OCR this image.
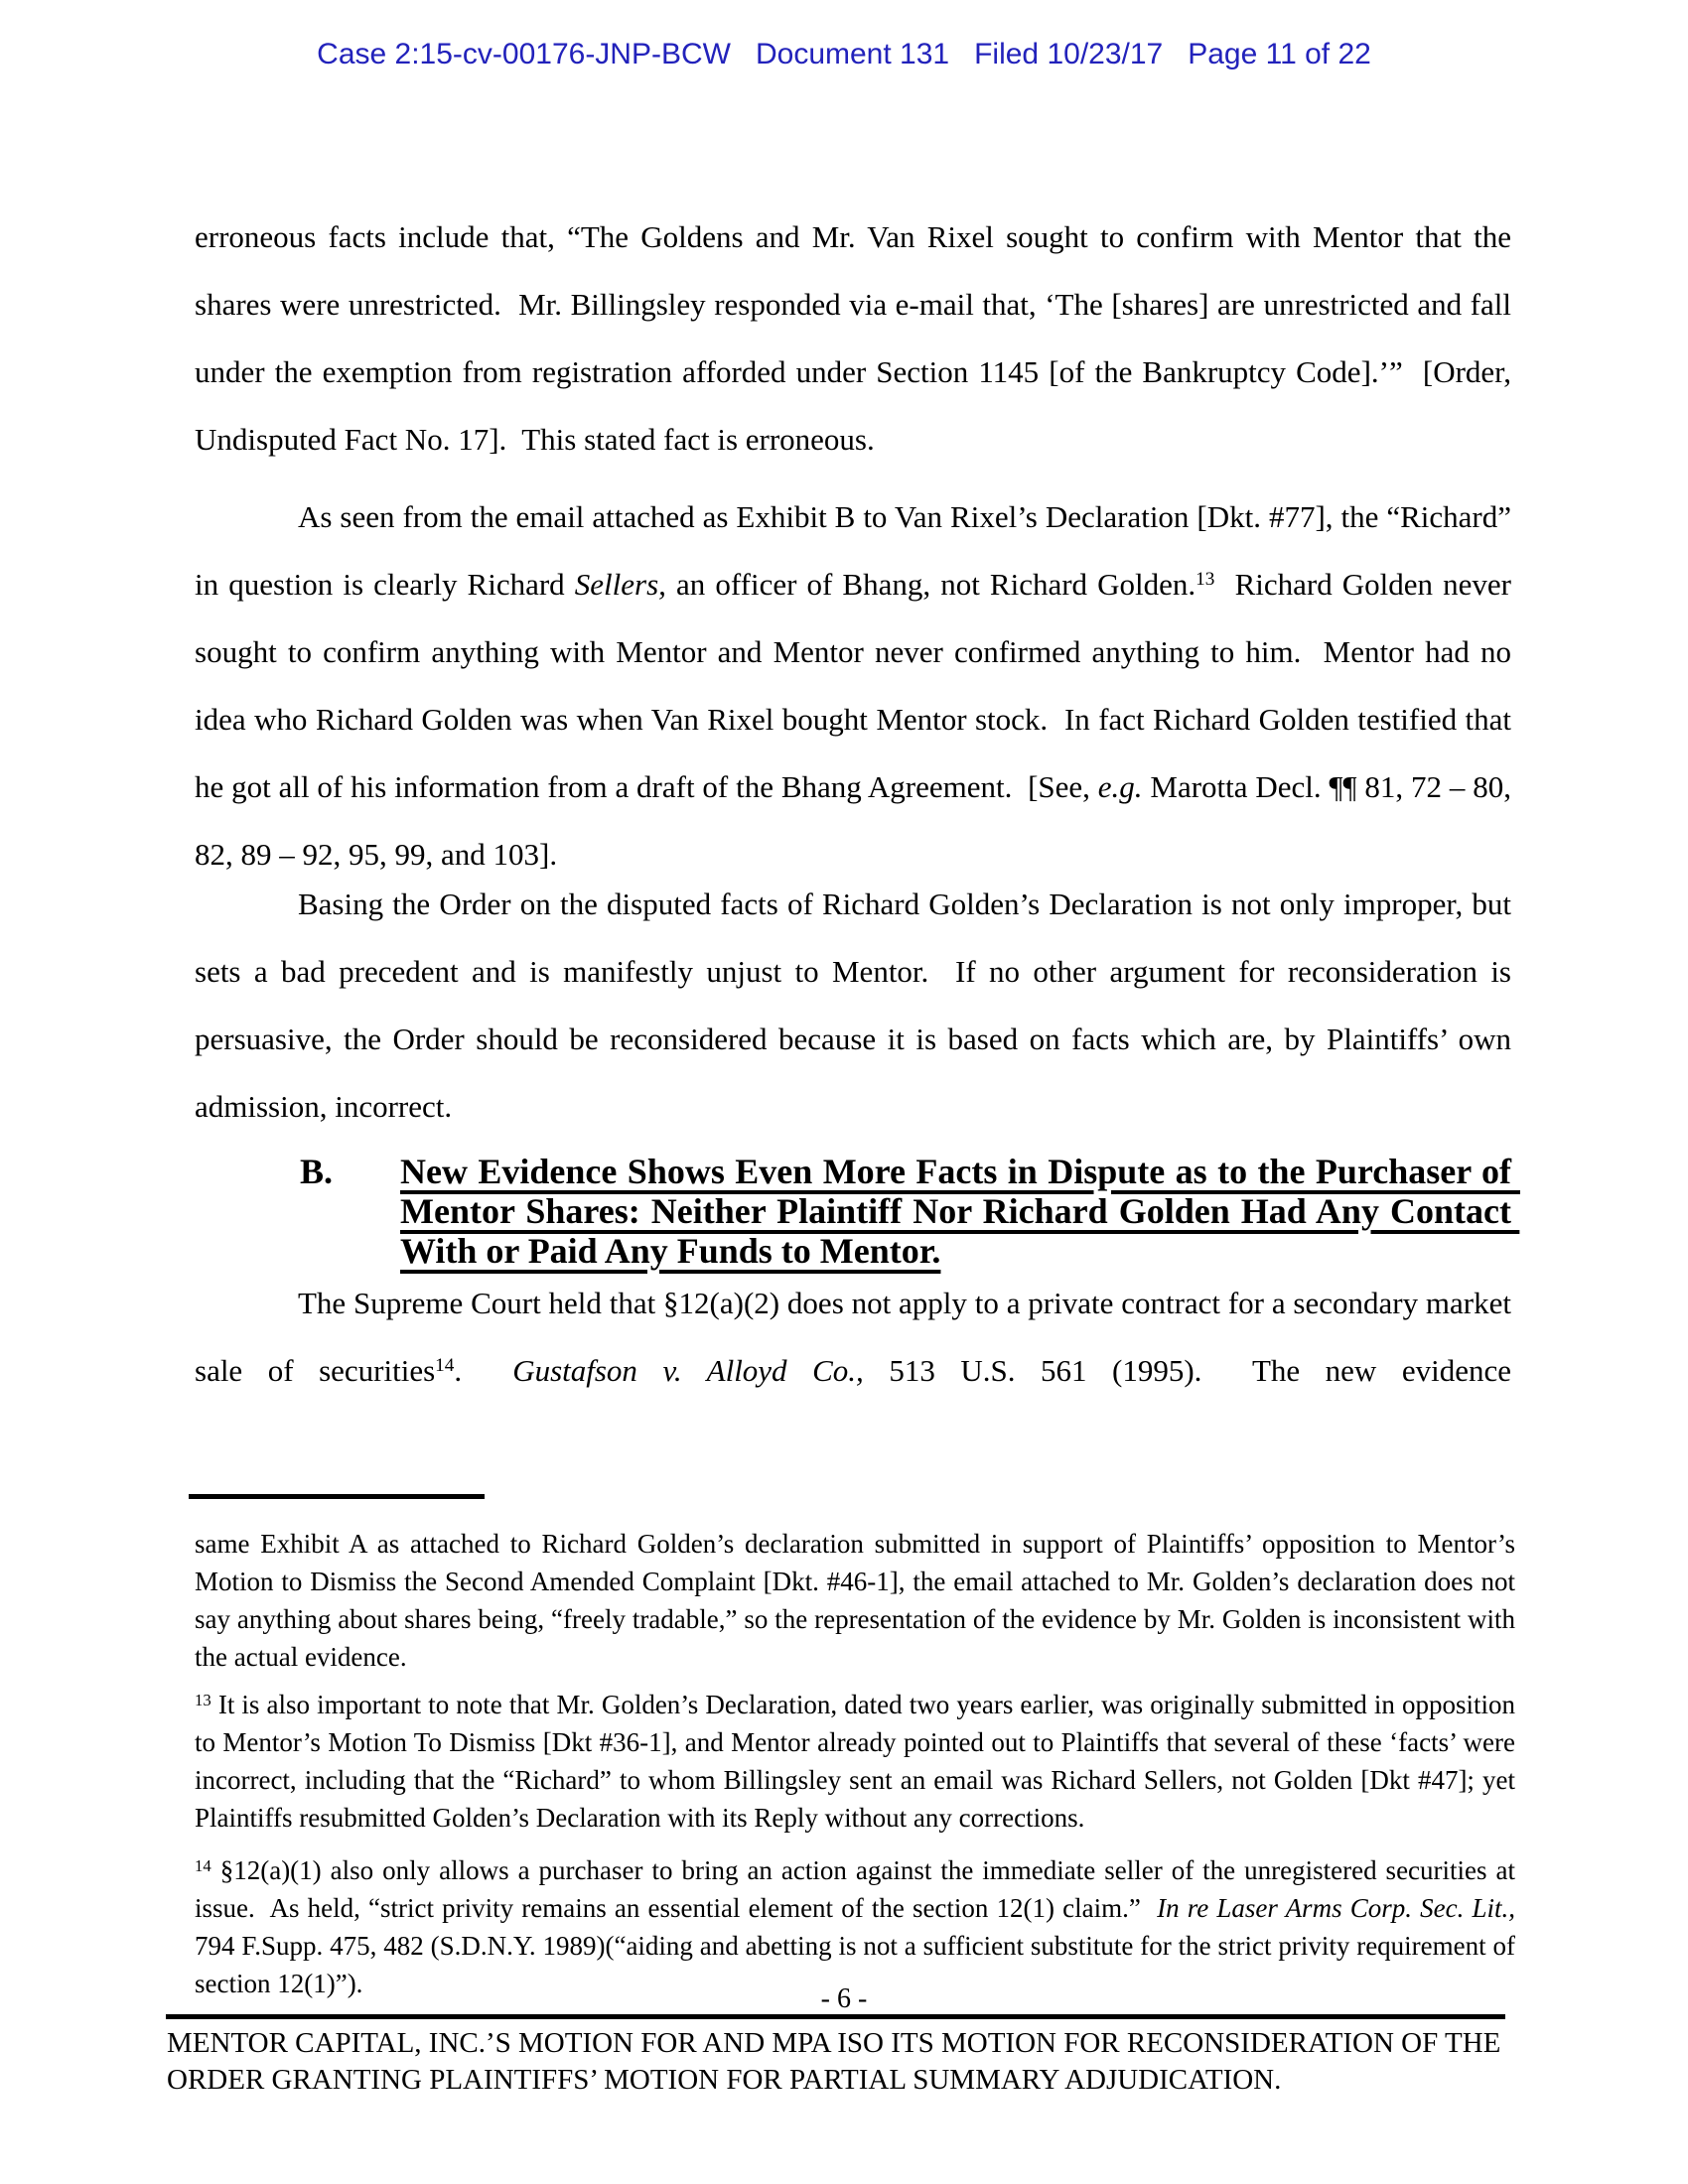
Case 2:15-cv-00176-JNP-BCW   Document 131   Filed 10/23/17   Page 11 of 22
erroneous facts include that, “The Goldens and Mr. Van Rixel sought to confirm with Mentor that the shares were unrestricted.  Mr. Billingsley responded via e-mail that, ‘The [shares] are unrestricted and fall under the exemption from registration afforded under Section 1145 [of the Bankruptcy Code].’”  [Order, Undisputed Fact No. 17].  This stated fact is erroneous.
As seen from the email attached as Exhibit B to Van Rixel’s Declaration [Dkt. #77], the “Richard” in question is clearly Richard Sellers, an officer of Bhang, not Richard Golden.$^{13}$  Richard Golden never sought to confirm anything with Mentor and Mentor never confirmed anything to him.  Mentor had no idea who Richard Golden was when Van Rixel bought Mentor stock.  In fact Richard Golden testified that he got all of his information from a draft of the Bhang Agreement.  [See, e.g. Marotta Decl. ¶¶ 81, 72 – 80, 82, 89 – 92, 95, 99, and 103].
Basing the Order on the disputed facts of Richard Golden’s Declaration is not only improper, but sets a bad precedent and is manifestly unjust to Mentor.  If no other argument for reconsideration is persuasive, the Order should be reconsidered because it is based on facts which are, by Plaintiffs’ own admission, incorrect.
B.	New Evidence Shows Even More Facts in Dispute as to the Purchaser of Mentor Shares: Neither Plaintiff Nor Richard Golden Had Any Contact With or Paid Any Funds to Mentor.
The Supreme Court held that §12(a)(2) does not apply to a private contract for a secondary market sale of securities$^{14}$.  Gustafson v. Alloyd Co., 513 U.S. 561 (1995).  The new evidence
same Exhibit A as attached to Richard Golden’s declaration submitted in support of Plaintiffs’ opposition to Mentor’s Motion to Dismiss the Second Amended Complaint [Dkt. #46-1], the email attached to Mr. Golden’s declaration does not say anything about shares being, “freely tradable,” so the representation of the evidence by Mr. Golden is inconsistent with the actual evidence.
$^{13}$ It is also important to note that Mr. Golden’s Declaration, dated two years earlier, was originally submitted in opposition to Mentor’s Motion To Dismiss [Dkt #36-1], and Mentor already pointed out to Plaintiffs that several of these ‘facts’ were incorrect, including that the “Richard” to whom Billingsley sent an email was Richard Sellers, not Golden [Dkt #47]; yet Plaintiffs resubmitted Golden’s Declaration with its Reply without any corrections.
$^{14}$ §12(a)(1) also only allows a purchaser to bring an action against the immediate seller of the unregistered securities at issue.  As held, “strict privity remains an essential element of the section 12(1) claim.”  In re Laser Arms Corp. Sec. Lit., 794 F.Supp. 475, 482 (S.D.N.Y. 1989)(“aiding and abetting is not a sufficient substitute for the strict privity requirement of section 12(1)”).	- 6 -
MENTOR CAPITAL, INC.’S MOTION FOR AND MPA ISO ITS MOTION FOR RECONSIDERATION OF THE ORDER GRANTING PLAINTIFFS’ MOTION FOR PARTIAL SUMMARY ADJUDICATION.
